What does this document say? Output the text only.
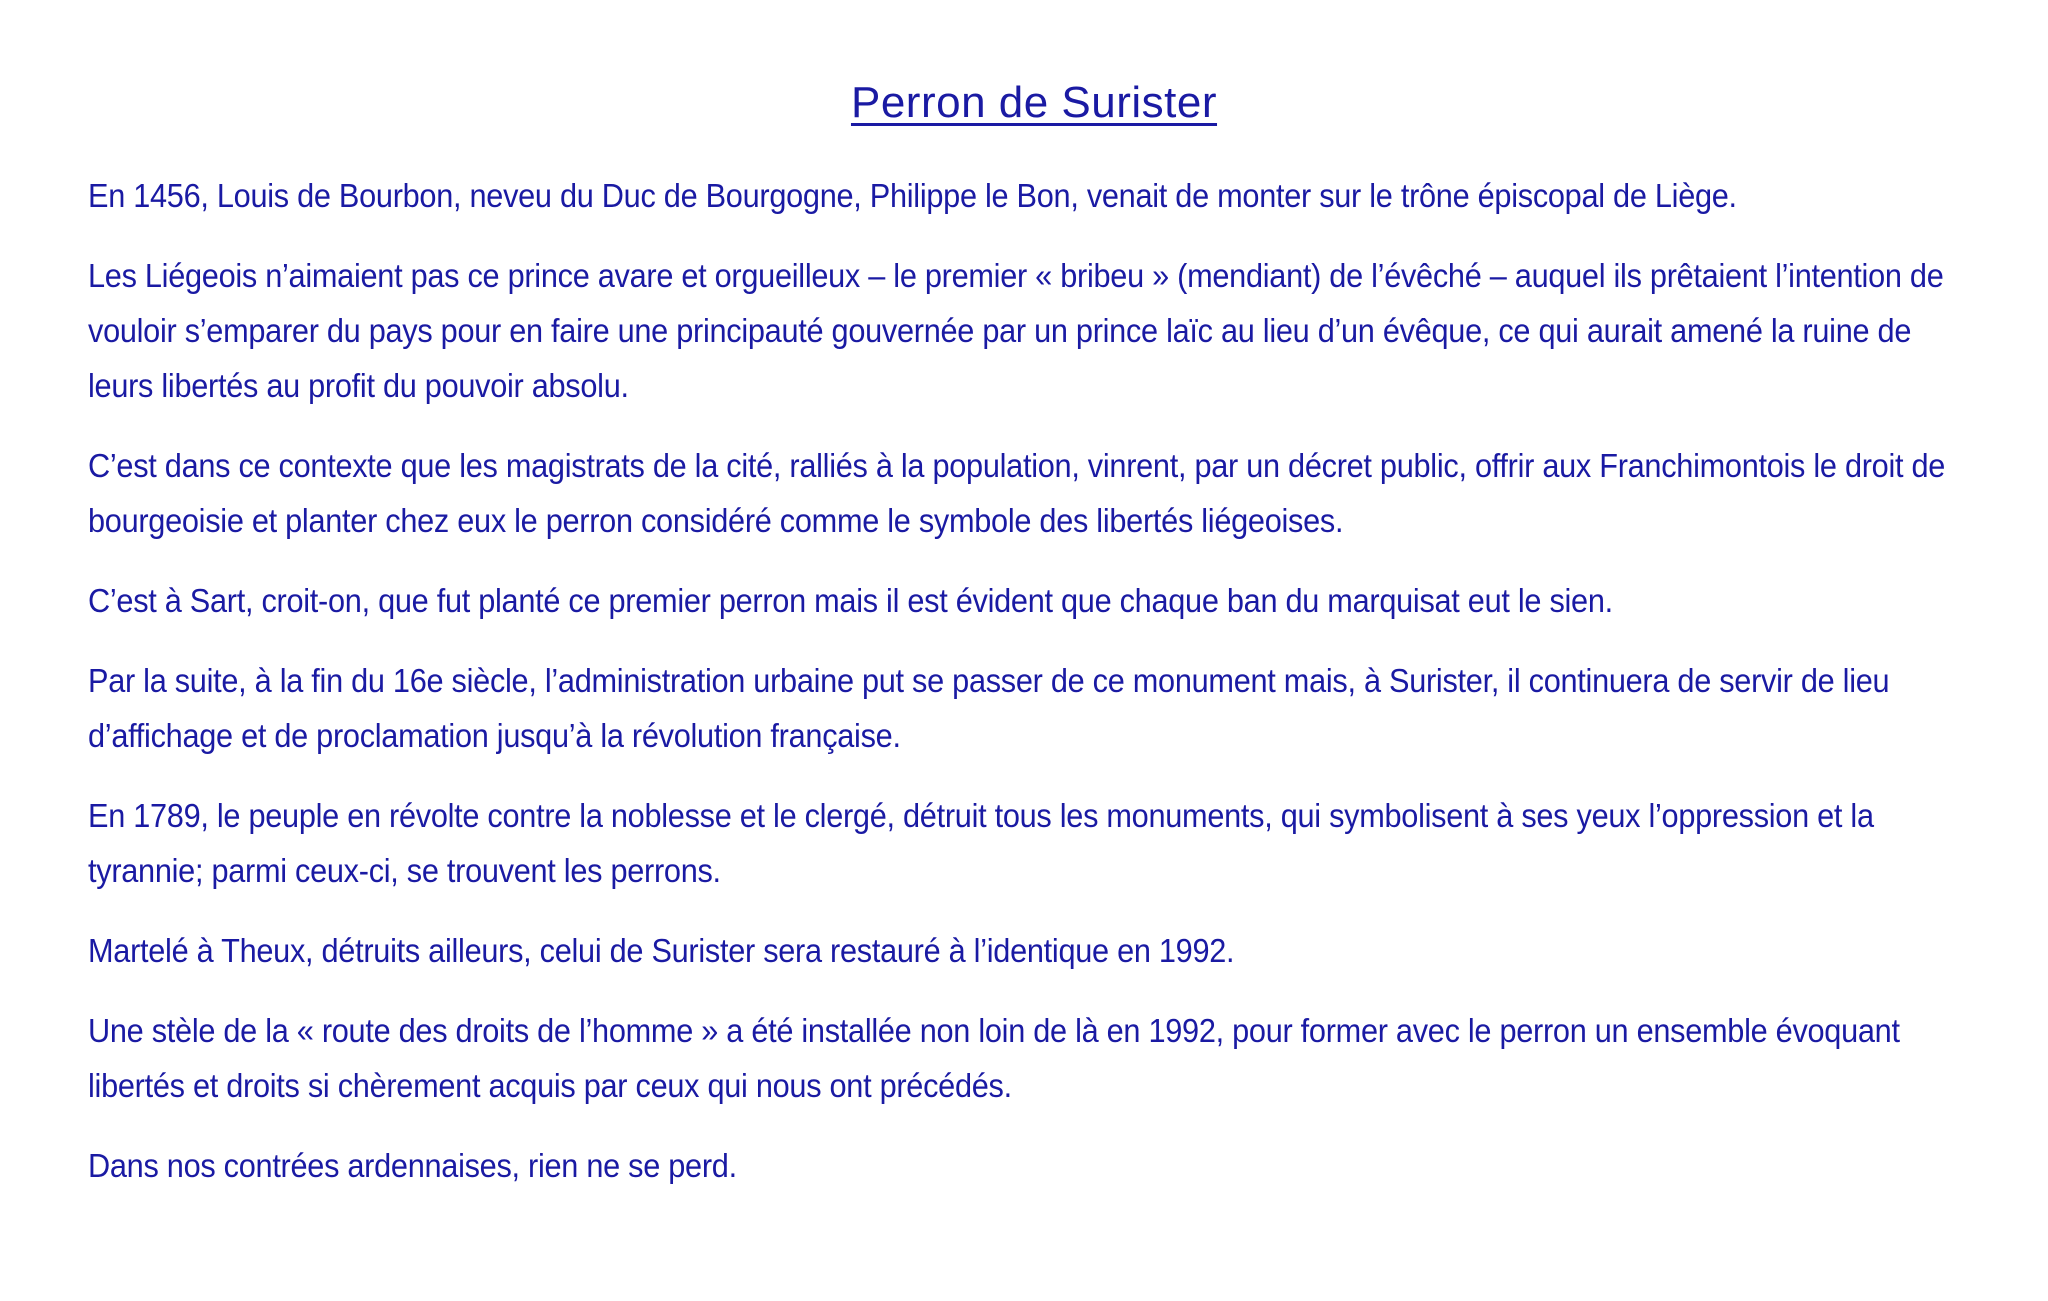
Perron de Surister

En 1456, Louis de Bourbon, neveu du Duc de Bourgogne, Philippe le Bon, venait de monter sur le trône épiscopal de Liège.

Les Liégeois n’aimaient pas ce prince avare et orgueilleux – le premier « bribeu » (mendiant) de l’évêché – auquel ils prêtaient l’intention de vouloir s’emparer du pays pour en faire une principauté gouvernée par un prince laïc au lieu d’un évêque, ce qui aurait amené la ruine de leurs libertés au profit du pouvoir absolu.

C’est dans ce contexte que les magistrats de la cité, ralliés à la population, vinrent, par un décret public, offrir aux Franchimontois le droit de bourgeoisie et planter chez eux le perron considéré comme le symbole des libertés liégeoises.

C’est à Sart, croit-on, que fut planté ce premier perron mais il est évident que chaque ban du marquisat eut le sien.

Par la suite, à la fin du 16e siècle, l’administration urbaine put se passer de ce monument mais, à Surister, il continuera de servir de lieu d’affichage et de proclamation jusqu’à la révolution française.

En 1789, le peuple en révolte contre la noblesse et le clergé, détruit tous les monuments, qui symbolisent à ses yeux l’oppression et la tyrannie; parmi ceux-ci, se trouvent les perrons.

Martelé à Theux, détruits ailleurs, celui de Surister sera restauré à l’identique en 1992.

Une stèle de la « route des droits de l’homme » a été installée non loin de là en 1992, pour former avec le perron un ensemble évoquant libertés et droits si chèrement acquis par ceux qui nous ont précédés.

Dans nos contrées ardennaises, rien ne se perd.
